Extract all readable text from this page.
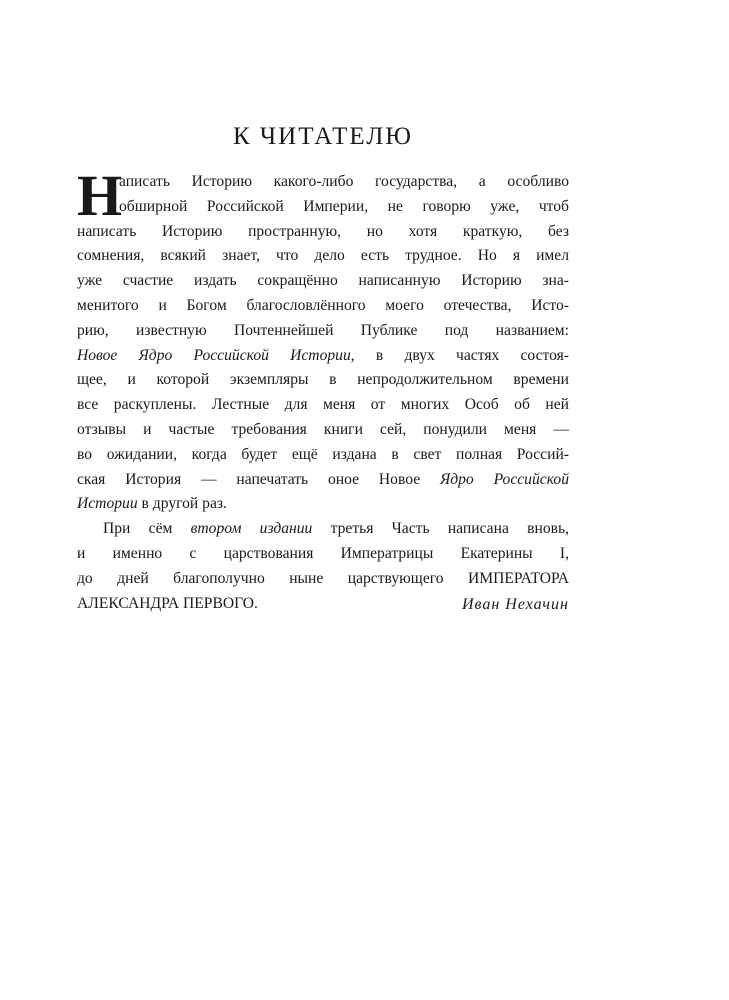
К ЧИТАТЕЛЮ
Н
аписать Историю какого-либо государства, а особливо
обширной Российской Империи, не говорю уже, чтоб
написать Историю пространную, но хотя краткую, без
сомнения, всякий знает, что дело есть трудное. Но я имел
уже счастие издать сокращённо написанную Историю зна-
менитого и Богом благословлённого моего отечества, Исто-
рию, известную Почтеннейшей Публике под названием:
Новое Ядро Российской Истории, в двух частях состоя-
щее, и которой экземпляры в непродолжительном времени
все раскуплены. Лестные для меня от многих Особ об ней
отзывы и частые требования книги сей, понудили меня —
во ожидании, когда будет ещё издана в свет полная Россий-
ская История — напечатать оное Новое Ядро Российской
Истории в другой раз.
При сём втором издании третья Часть написана вновь,
и именно с царствования Императрицы Екатерины I,
до дней благополучно ныне царствующего ИМПЕРАТОРА
АЛЕКСАНДРА ПЕРВОГО.	Иван Нехачин
